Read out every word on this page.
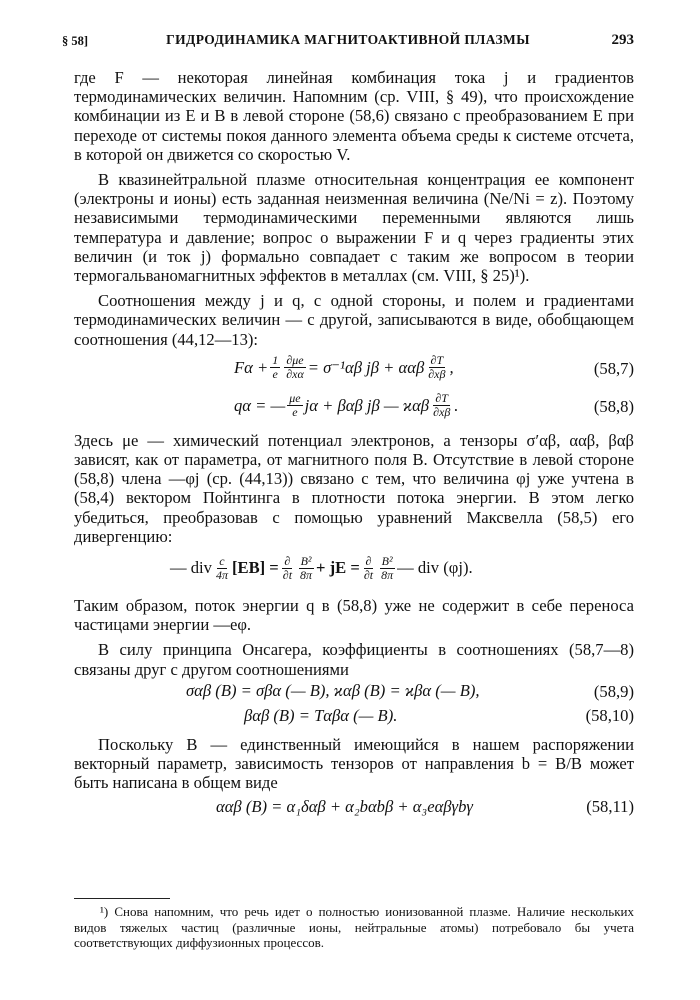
§ 58]	ГИДРОДИНАМИКА МАГНИТОАКТИВНОЙ ПЛАЗМЫ	293

где F — некоторая линейная комбинация тока j и градиентов термодинамических величин. Напомним (ср. VIII, § 49), что происхождение комбинации из E и B в левой стороне (58,6) связано с преобразованием E при переходе от системы покоя данного элемента объема среды к системе отсчета, в которой он движется со скоростью V.

В квазинейтральной плазме относительная концентрация ее компонент (электроны и ионы) есть заданная неизменная величина (Ne/Ni = z). Поэтому независимыми термодинамическими переменными являются лишь температура и давление; вопрос о выражении F и q через градиенты этих величин (и ток j) формально совпадает с таким же вопросом в теории термогальваномагнитных эффектов в металлах (см. VIII, § 25)¹).

Соотношения между j и q, с одной стороны, и полем и градиентами термодинамических величин — с другой, записываются в виде, обобщающем соотношения (44,12—13):

$F\alpha + \frac{1}{e} \frac{\partial\mu e}{\partial x\alpha} = \sigma^{-1}\alpha\beta$ jβ + ααβ $\frac{\partial T}{\partial x\beta}$ ,	(58,7)
qα = — $\frac{\mu e}{e}$ jα + βαβ jβ — ϰαβ $\frac{\partial T}{\partial x\beta}$ .	(58,8)

Здесь μe — химический потенциал электронов, а тензоры σ′αβ, ααβ, βαβ зависят, как от параметра, от магнитного поля B. Отсутствие в левой стороне (58,8) члена —φj (ср. (44,13)) связано с тем, что величина φj уже учтена в (58,4) вектором Пойнтинга в плотности потока энергии. В этом легко убедиться, преобразовав с помощью уравнений Максвелла (58,5) его дивергенцию:

— div $\frac{c}{4\pi} [EB] = \frac{\partial}{\partial t} \frac{\text{B²}}{8\pi}$ + jE = $\frac{\partial}{\partial t} \frac{\text{B²}}{8\pi}$ — div (φj).

Таким образом, поток энергии q в (58,8) уже не содержит в себе переноса частицами энергии —eφ.

В силу принципа Онсагера, коэффициенты в соотношениях (58,7—8) связаны друг с другом соотношениями

σαβ (B) = σβα (— B), ϰαβ (B) = ϰβα (— B),	(58,9)
βαβ (B) = Tαβα (— B).	(58,10)

Поскольку B — единственный имеющийся в нашем распоряжении векторный параметр, зависимость тензоров от направления b = B/B может быть написана в общем виде

ααβ (B) = α₁δαβ + α₂bαbβ + α₃eαβγbγ	(58,11)
¹) Снова напомним, что речь идет о полностью ионизованной плазме. Наличие нескольких видов тяжелых частиц (различные ионы, нейтральные атомы) потребовало бы учета соответствующих диффузионных процессов.
